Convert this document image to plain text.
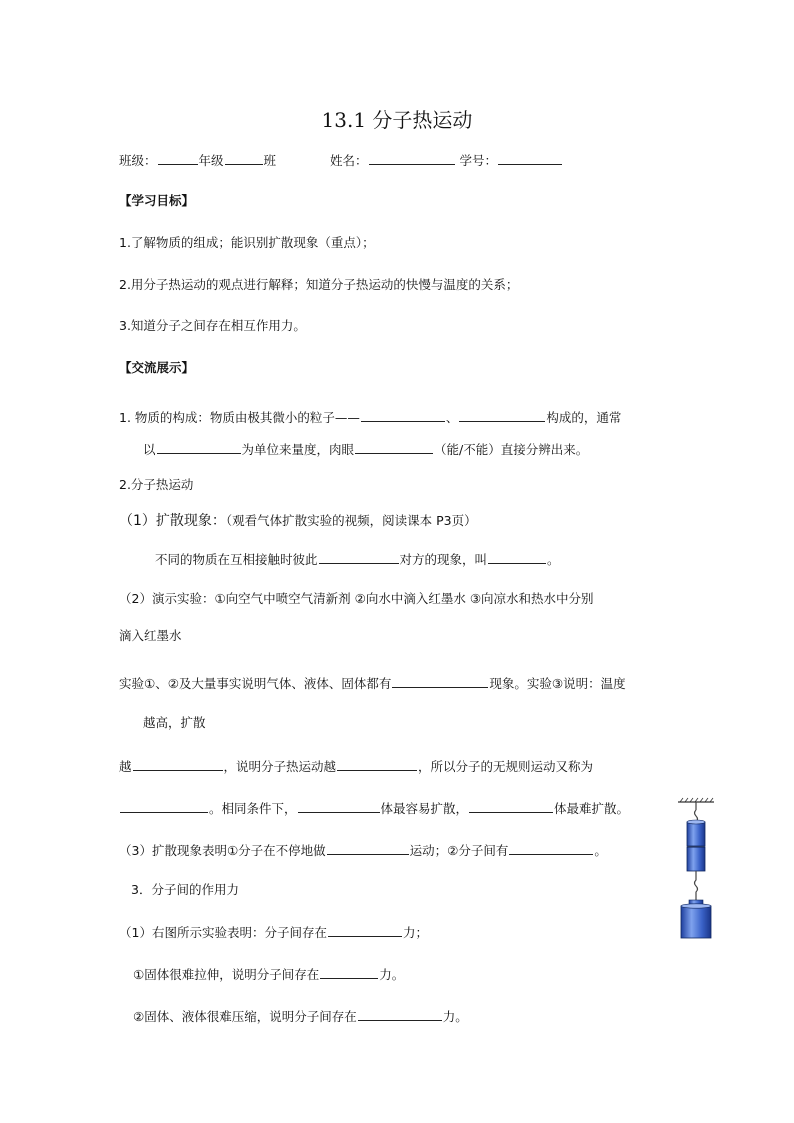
13.1 分子热运动
班级：	年级	班	姓名：	学号：
【学习目标】
1.了解物质的组成；能识别扩散现象（重点）；
2.用分子热运动的观点进行解释；知道分子热运动的快慢与温度的关系；
3.知道分子之间存在相互作用力。
【交流展示】
1. 物质的构成：物质由极其微小的粒子——	、	构成的，通常
以	为单位来量度，肉眼	（能/不能）直接分辨出来。
2.分子热运动
（1）扩散现象：（观看气体扩散实验的视频，阅读课本 P3页）
不同的物质在互相接触时彼此	对方的现象，叫	。
（2）演示实验：①向空气中喷空气清新剂 ②向水中滴入红墨水 ③向凉水和热水中分别
滴入红墨水
实验①、②及大量事实说明气体、液体、固体都有	现象。实验③说明：温度
越高，扩散
越	，说明分子热运动越	，所以分子的无规则运动又称为
。相同条件下，	体最容易扩散，	体最难扩散。
（3）扩散现象表明①分子在不停地做	运动；②分子间有	。
3．分子间的作用力
（1）右图所示实验表明：分子间存在	力；
①固体很难拉伸，说明分子间存在	力。
②固体、液体很难压缩，说明分子间存在	力。
